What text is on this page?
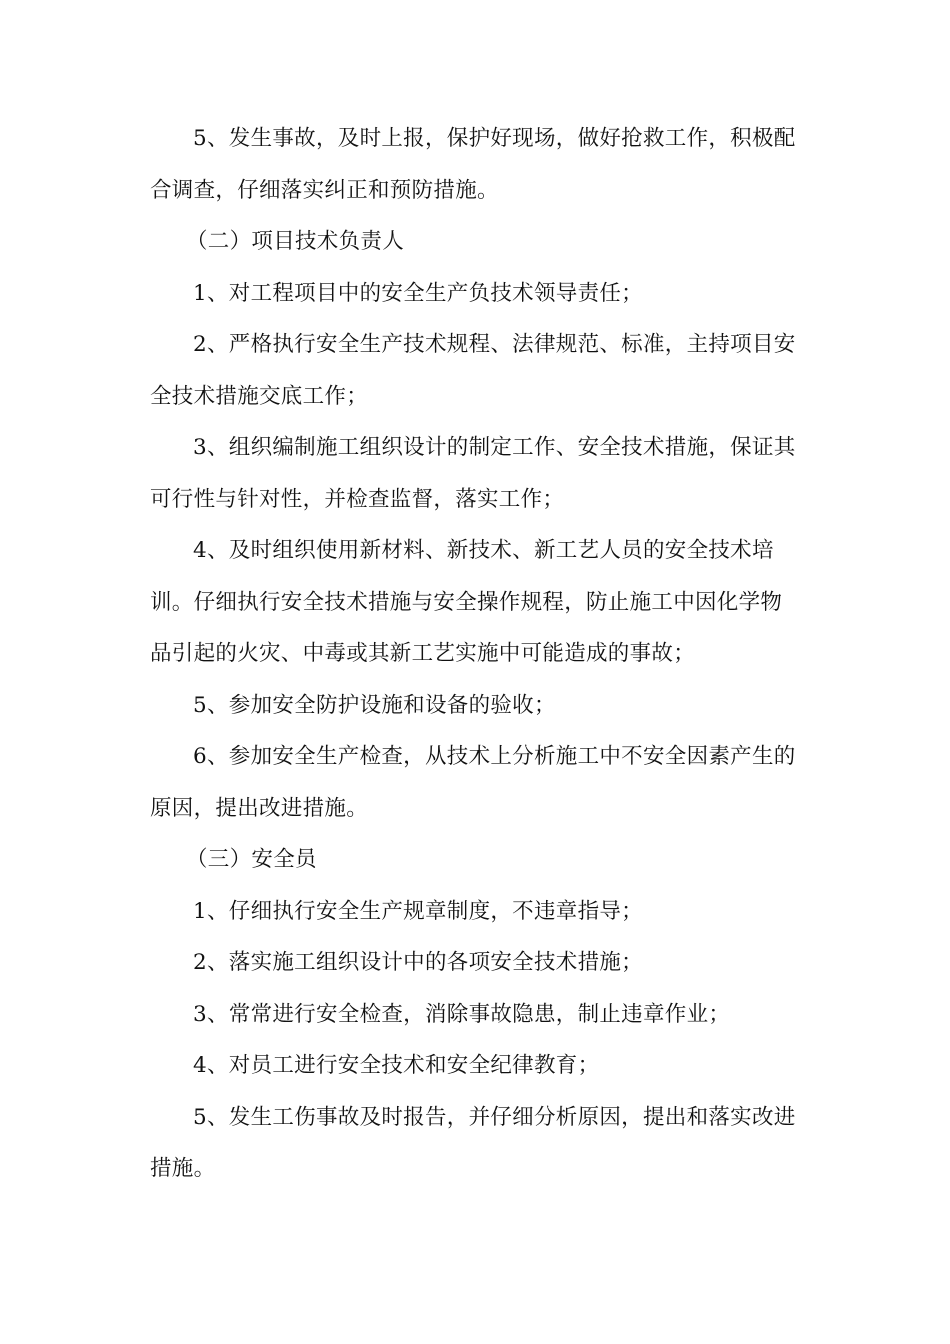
5、发生事故，及时上报，保护好现场，做好抢救工作，积极配合调查，仔细落实纠正和预防措施。

（二）项目技术负责人

1、对工程项目中的安全生产负技术领导责任；

2、严格执行安全生产技术规程、法律规范、标准，主持项目安全技术措施交底工作；

3、组织编制施工组织设计的制定工作、安全技术措施，保证其可行性与针对性，并检查监督，落实工作；

4、及时组织使用新材料、新技术、新工艺人员的安全技术培训。仔细执行安全技术措施与安全操作规程，防止施工中因化学物品引起的火灾、中毒或其新工艺实施中可能造成的事故；

5、参加安全防护设施和设备的验收；

6、参加安全生产检查，从技术上分析施工中不安全因素产生的原因，提出改进措施。

（三）安全员

1、仔细执行安全生产规章制度，不违章指导；

2、落实施工组织设计中的各项安全技术措施；

3、常常进行安全检查，消除事故隐患，制止违章作业；

4、对员工进行安全技术和安全纪律教育；

5、发生工伤事故及时报告，并仔细分析原因，提出和落实改进措施。
